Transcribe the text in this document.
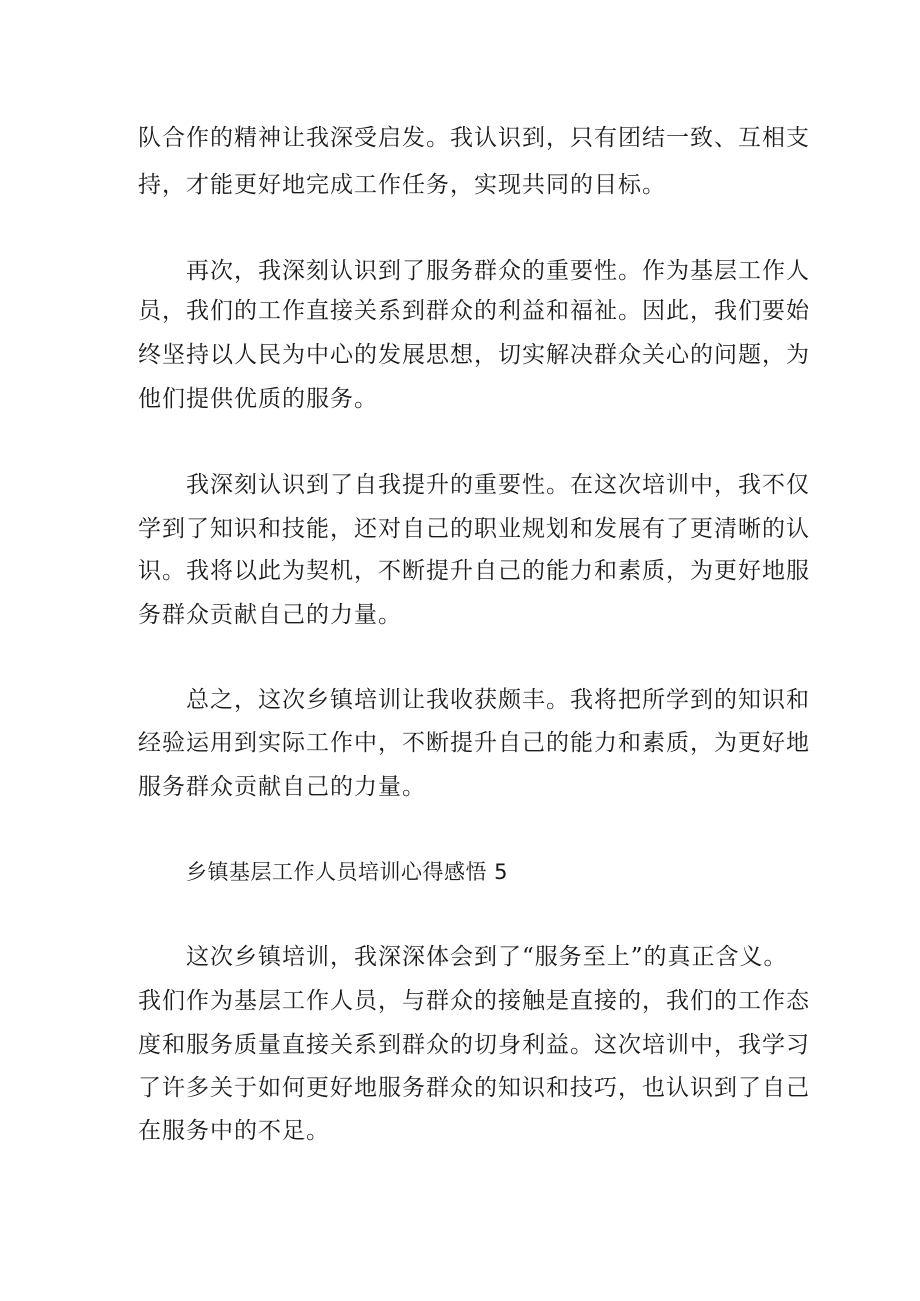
队合作的精神让我深受启发。我认识到，只有团结一致、互相支

持，才能更好地完成工作任务，实现共同的目标。

再次，我深刻认识到了服务群众的重要性。作为基层工作人

员，我们的工作直接关系到群众的利益和福祉。因此，我们要始

终坚持以人民为中心的发展思想，切实解决群众关心的问题，为

他们提供优质的服务。

我深刻认识到了自我提升的重要性。在这次培训中，我不仅

学到了知识和技能，还对自己的职业规划和发展有了更清晰的认

识。我将以此为契机，不断提升自己的能力和素质，为更好地服

务群众贡献自己的力量。

总之，这次乡镇培训让我收获颇丰。我将把所学到的知识和

经验运用到实际工作中，不断提升自己的能力和素质，为更好地

服务群众贡献自己的力量。

乡镇基层工作人员培训心得感悟 5

这次乡镇培训，我深深体会到了“服务至上”的真正含义。

我们作为基层工作人员，与群众的接触是直接的，我们的工作态

度和服务质量直接关系到群众的切身利益。这次培训中，我学习

了许多关于如何更好地服务群众的知识和技巧，也认识到了自己

在服务中的不足。
